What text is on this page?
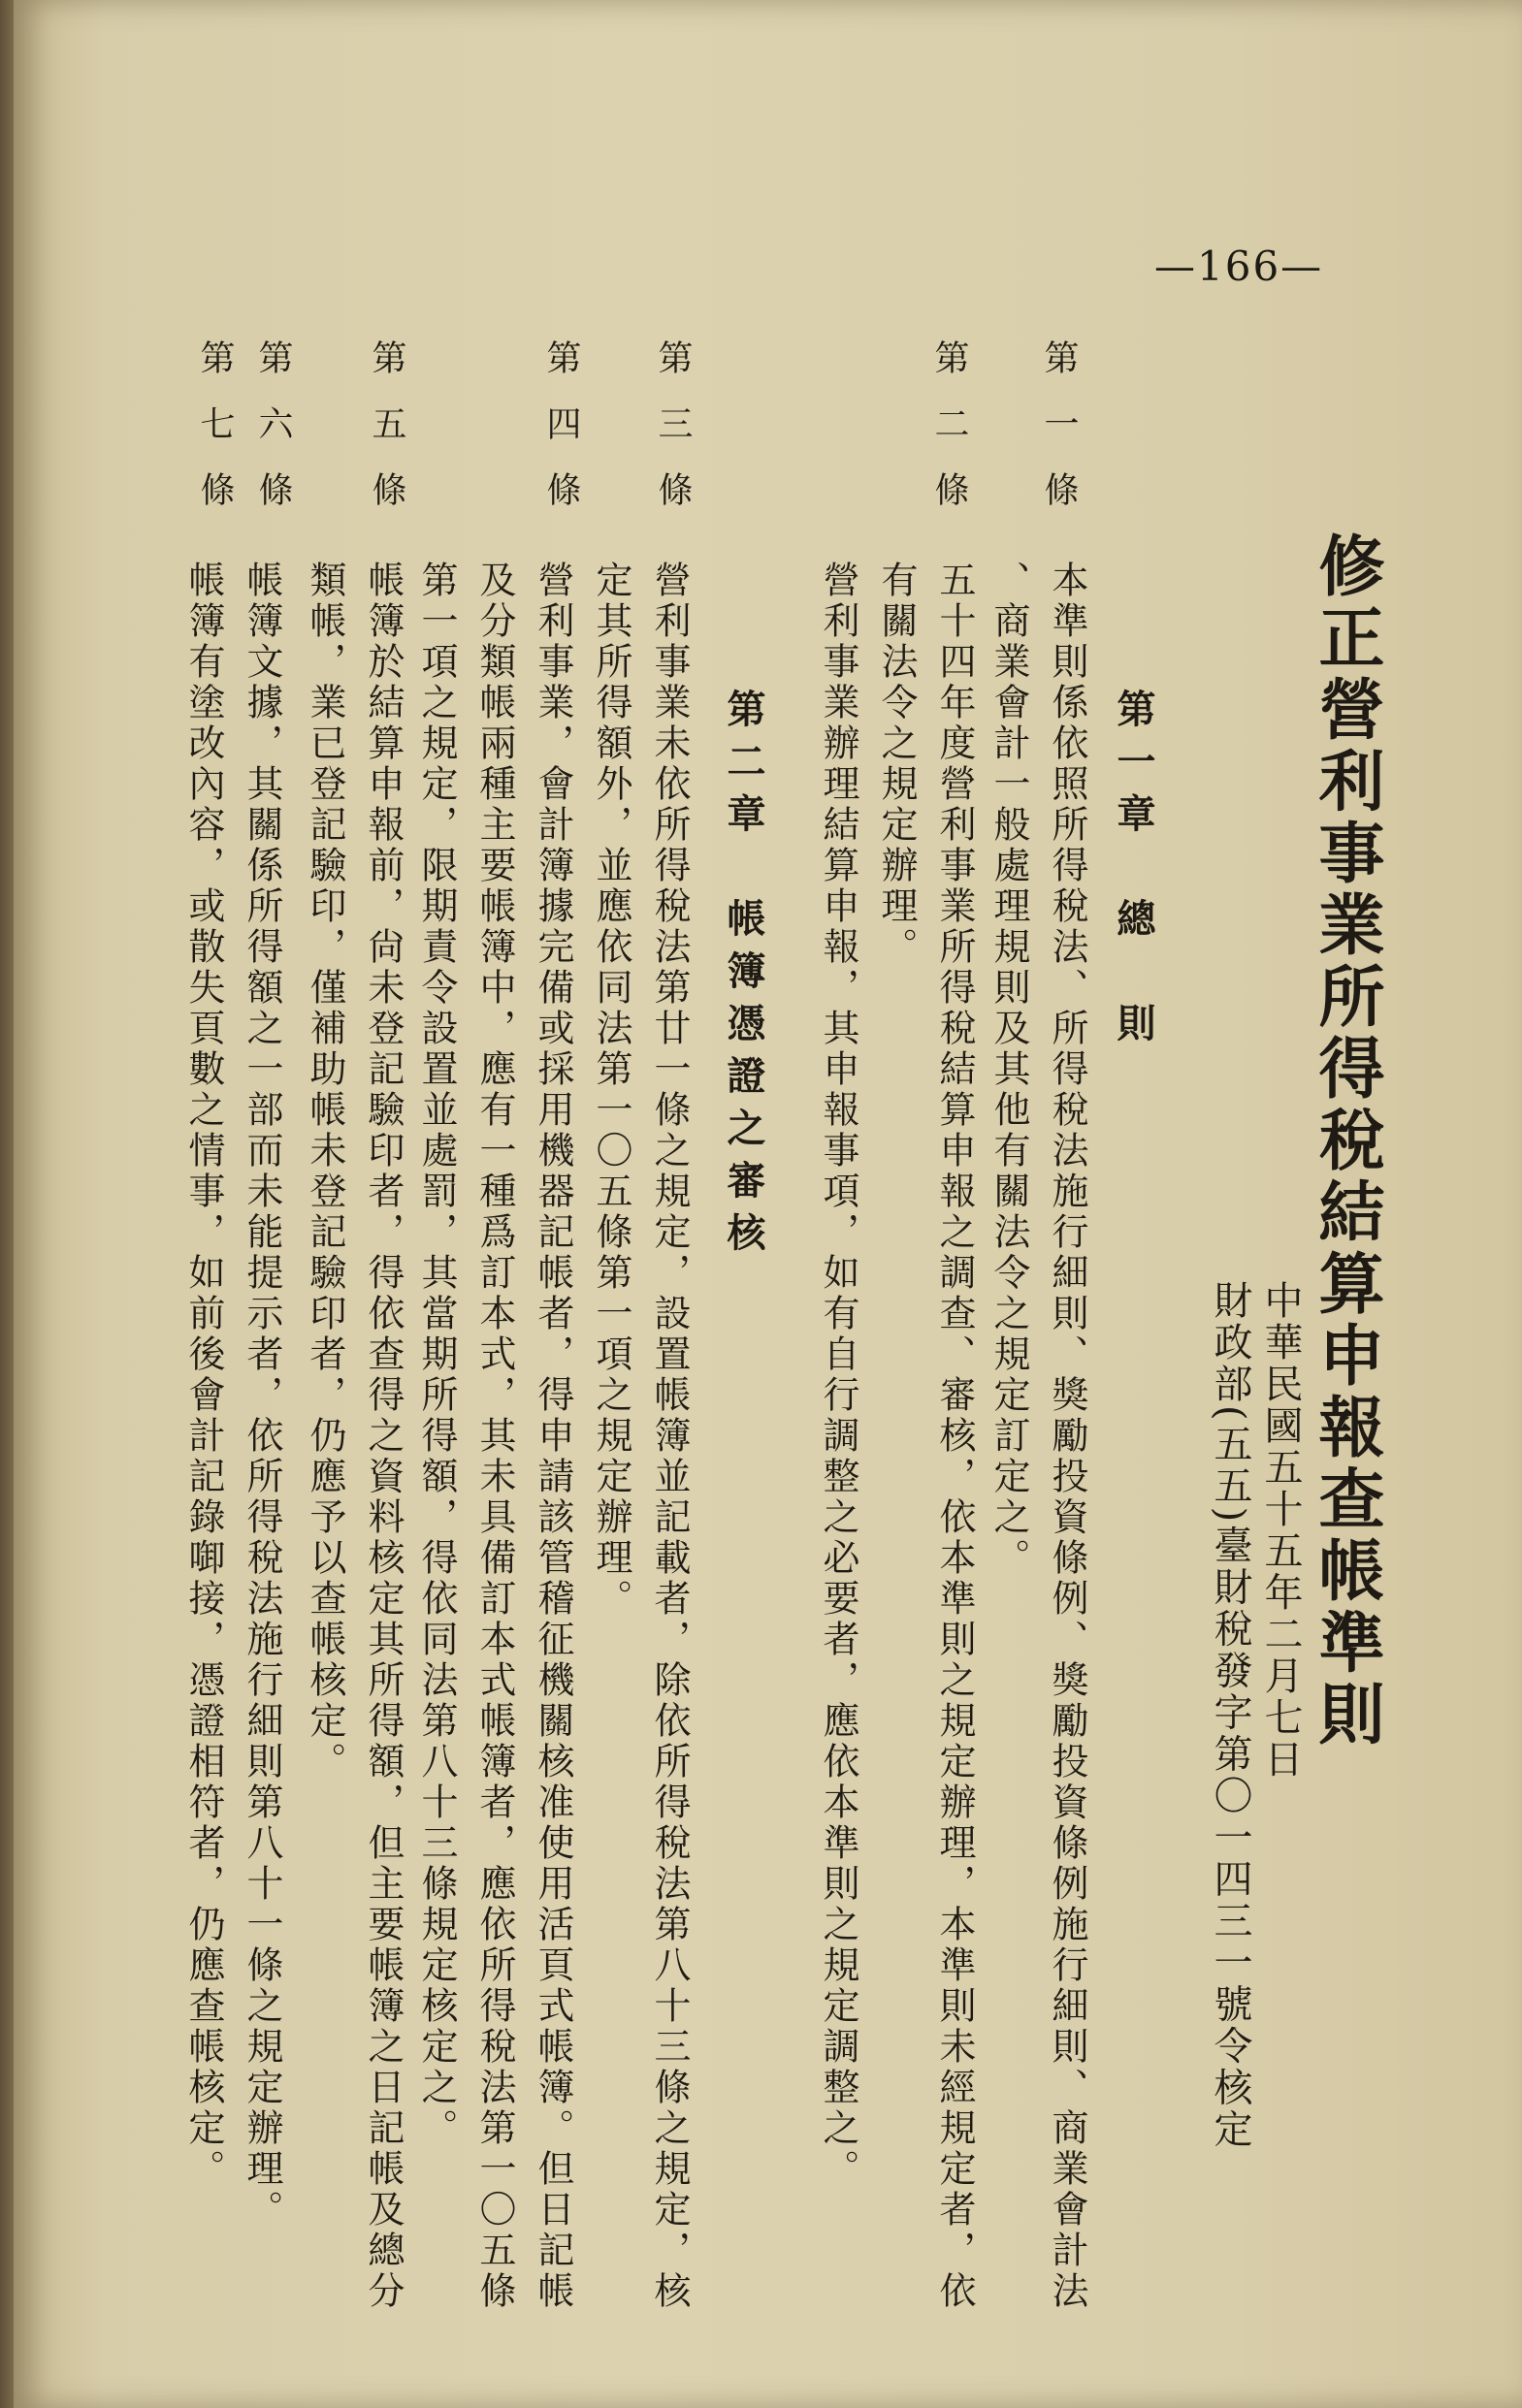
—166—
修正營利事業所得稅結算申報查帳準則
中華民國五十五年二月七日
財政部(五五)臺財稅發字第〇一四三一號令核定
第一章　總　則
第一條
本準則係依照所得稅法、所得稅法施行細則、獎勵投資條例、獎勵投資條例施行細則、商業會計法
、商業會計一般處理規則及其他有關法令之規定訂定之。
第二條
五十四年度營利事業所得稅結算申報之調查、審核，依本準則之規定辦理，本準則未經規定者，依
有關法令之規定辦理。
營利事業辦理結算申報，其申報事項，如有自行調整之必要者，應依本準則之規定調整之。
第二章　帳簿憑證之審核
第三條
營利事業未依所得稅法第廿一條之規定，設置帳簿並記載者，除依所得稅法第八十三條之規定，核
定其所得額外，並應依同法第一〇五條第一項之規定辦理。
第四條
營利事業，會計簿據完備或採用機器記帳者，得申請該管稽征機關核准使用活頁式帳簿。但日記帳
及分類帳兩種主要帳簿中，應有一種爲訂本式，其未具備訂本式帳簿者，應依所得稅法第一〇五條
第一項之規定，限期責令設置並處罰，其當期所得額，得依同法第八十三條規定核定之。
第五條
帳簿於結算申報前，尙未登記驗印者，得依查得之資料核定其所得額，但主要帳簿之日記帳及總分
類帳，業已登記驗印，僅補助帳未登記驗印者，仍應予以查帳核定。
第六條
帳簿文據，其關係所得額之一部而未能提示者，依所得稅法施行細則第八十一條之規定辦理。
第七條
帳簿有塗改內容，或散失頁數之情事，如前後會計記錄啣接，憑證相符者，仍應查帳核定。
